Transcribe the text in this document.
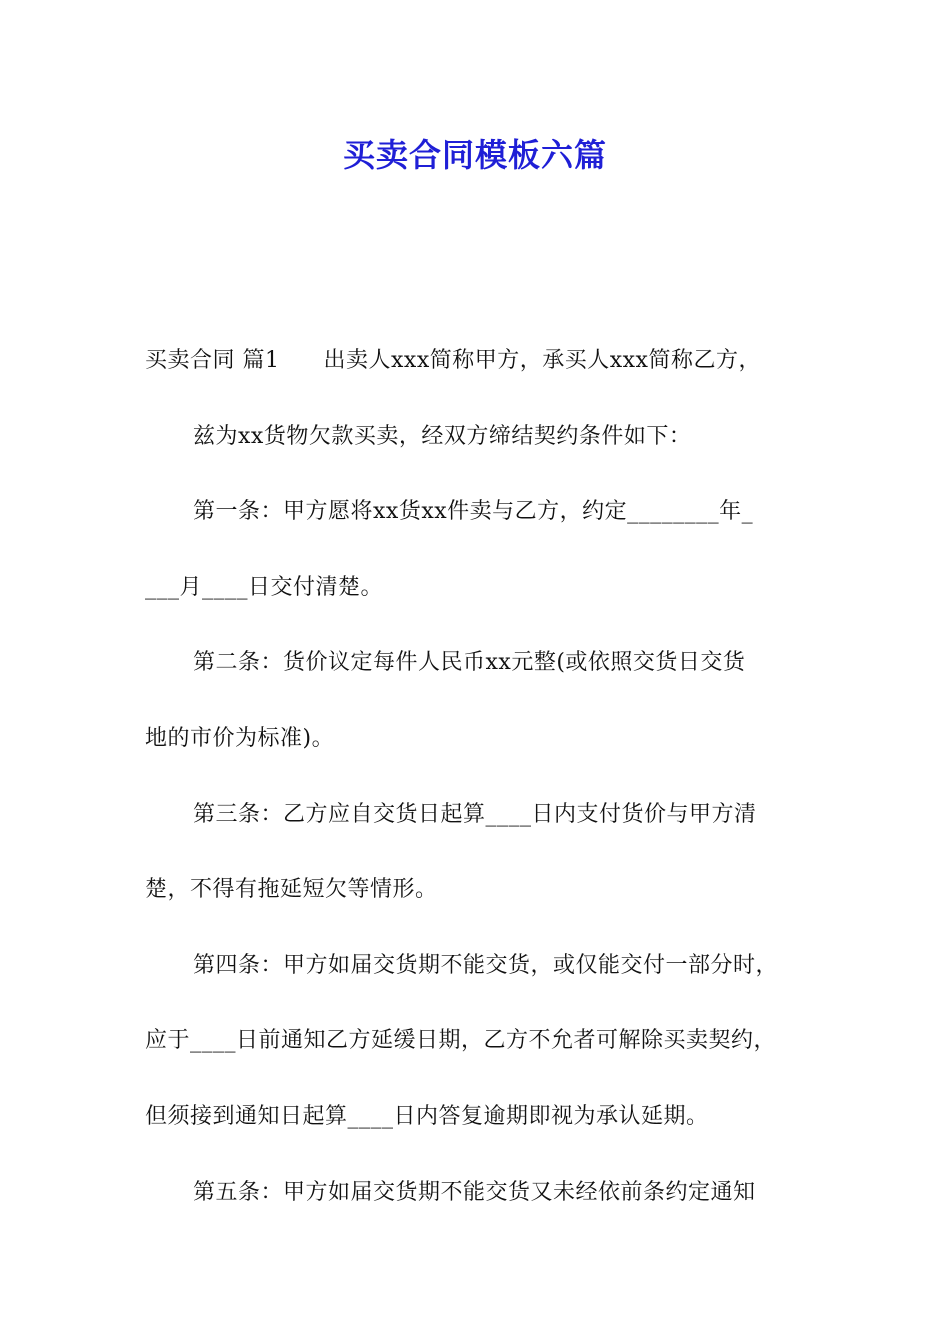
买卖合同模板六篇
买卖合同 篇1 出卖人xxx简称甲方，承买人xxx简称乙方，
兹为xx货物欠款买卖，经双方缔结契约条件如下：
第一条：甲方愿将xx货xx件卖与乙方，约定________年_
___月____日交付清楚。
第二条：货价议定每件人民币xx元整(或依照交货日交货
地的市价为标准)。
第三条：乙方应自交货日起算____日内支付货价与甲方清
楚，不得有拖延短欠等情形。
第四条：甲方如届交货期不能交货，或仅能交付一部分时，
应于____日前通知乙方延缓日期，乙方不允者可解除买卖契约，
但须接到通知日起算____日内答复逾期即视为承认延期。
第五条：甲方如届交货期不能交货又未经依前条约定通知
